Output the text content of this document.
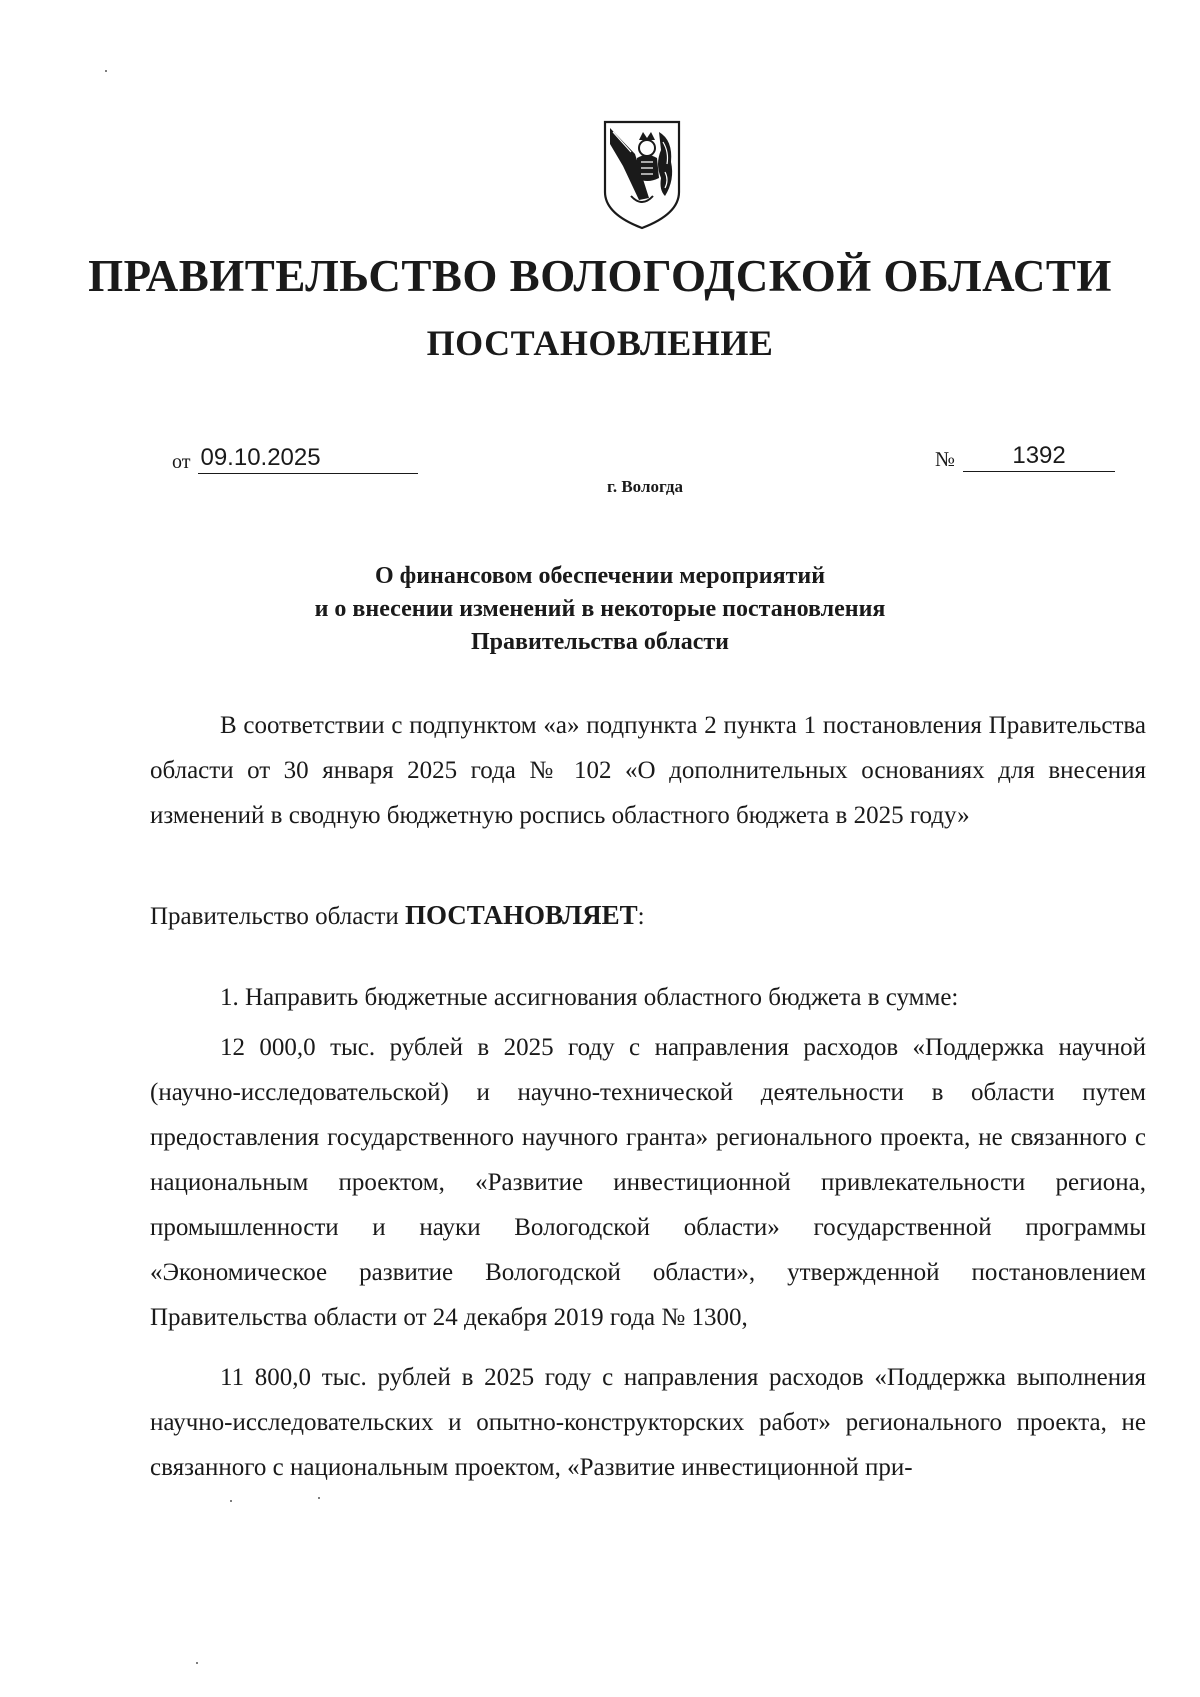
ПРАВИТЕЛЬСТВО ВОЛОГОДСКОЙ ОБЛАСТИ
ПОСТАНОВЛЕНИЕ
от 09.10.2025	№	1392
г. Вологда
О финансовом обеспечении мероприятий
и о внесении изменений в некоторые постановления
Правительства области

В соответствии с подпунктом «а» подпункта 2 пункта 1 постановления Правительства области от 30 января 2025 года № 102 «О дополнительных основаниях для внесения изменений в сводную бюджетную роспись областного бюджета в 2025 году»

Правительство области ПОСТАНОВЛЯЕТ:

1. Направить бюджетные ассигнования областного бюджета в сумме:

12 000,0 тыс. рублей в 2025 году с направления расходов «Поддержка научной (научно-исследовательской) и научно-технической деятельности в области путем предоставления государственного научного гранта» регионального проекта, не связанного с национальным проектом, «Развитие инвестиционной привлекательности региона, промышленности и науки Вологодской области» государственной программы «Экономическое развитие Вологодской области», утвержденной постановлением Правительства области от 24 декабря 2019 года № 1300,

11 800,0 тыс. рублей в 2025 году с направления расходов «Поддержка выполнения научно-исследовательских и опытно-конструкторских работ» регионального проекта, не связанного с национальным проектом, «Развитие инвестиционной при-
